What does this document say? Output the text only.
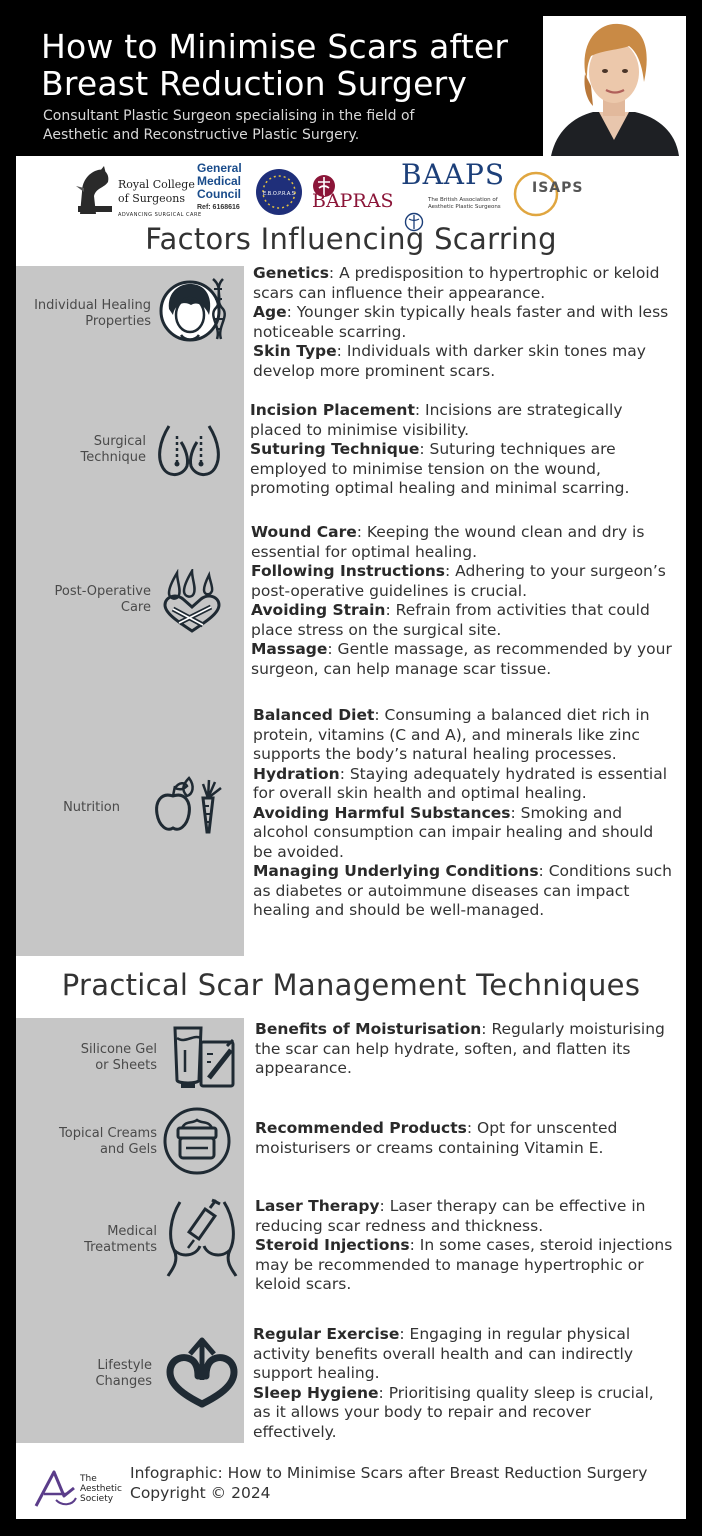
How to Minimise Scars after
Breast Reduction Surgery
Consultant Plastic Surgeon specialising in the field of
Aesthetic and Reconstructive Plastic Surgery.
Royal College
of Surgeons
ADVANCING SURGICAL CARE
General
Medical
Council
Ref: 6168616
E.B.O.P.R.A.S BAPRAS
BAAPS
The British Association of Aesthetic Plastic Surgeons
ISAPS
Factors Influencing Scarring
Individual Healing
Properties
Genetics: A predisposition to hypertrophic or keloid scars can influence their appearance.
Age: Younger skin typically heals faster and with less noticeable scarring.
Skin Type: Individuals with darker skin tones may develop more prominent scars.
Surgical
Technique
Incision Placement: Incisions are strategically placed to minimise visibility.
Suturing Technique: Suturing techniques are employed to minimise tension on the wound, promoting optimal healing and minimal scarring.
Post-Operative
Care
Wound Care: Keeping the wound clean and dry is essential for optimal healing.
Following Instructions: Adhering to your surgeon’s post-operative guidelines is crucial.
Avoiding Strain: Refrain from activities that could place stress on the surgical site.
Massage: Gentle massage, as recommended by your surgeon, can help manage scar tissue.
Nutrition
Balanced Diet: Consuming a balanced diet rich in protein, vitamins (C and A), and minerals like zinc supports the body’s natural healing processes.
Hydration: Staying adequately hydrated is essential for overall skin health and optimal healing.
Avoiding Harmful Substances: Smoking and alcohol consumption can impair healing and should be avoided.
Managing Underlying Conditions: Conditions such as diabetes or autoimmune diseases can impact healing and should be well-managed.
Practical Scar Management Techniques
Silicone Gel
or Sheets
Benefits of Moisturisation: Regularly moisturising the scar can help hydrate, soften, and flatten its appearance.
Topical Creams
and Gels
Recommended Products: Opt for unscented moisturisers or creams containing Vitamin E.
Medical
Treatments
Laser Therapy: Laser therapy can be effective in reducing scar redness and thickness.
Steroid Injections: In some cases, steroid injections may be recommended to manage hypertrophic or keloid scars.
Lifestyle
Changes
Regular Exercise: Engaging in regular physical activity benefits overall health and can indirectly support healing.
Sleep Hygiene: Prioritising quality sleep is crucial, as it allows your body to repair and recover effectively.
The
Aesthetic
Society
Infographic: How to Minimise Scars after Breast Reduction Surgery
Copyright © 2024
